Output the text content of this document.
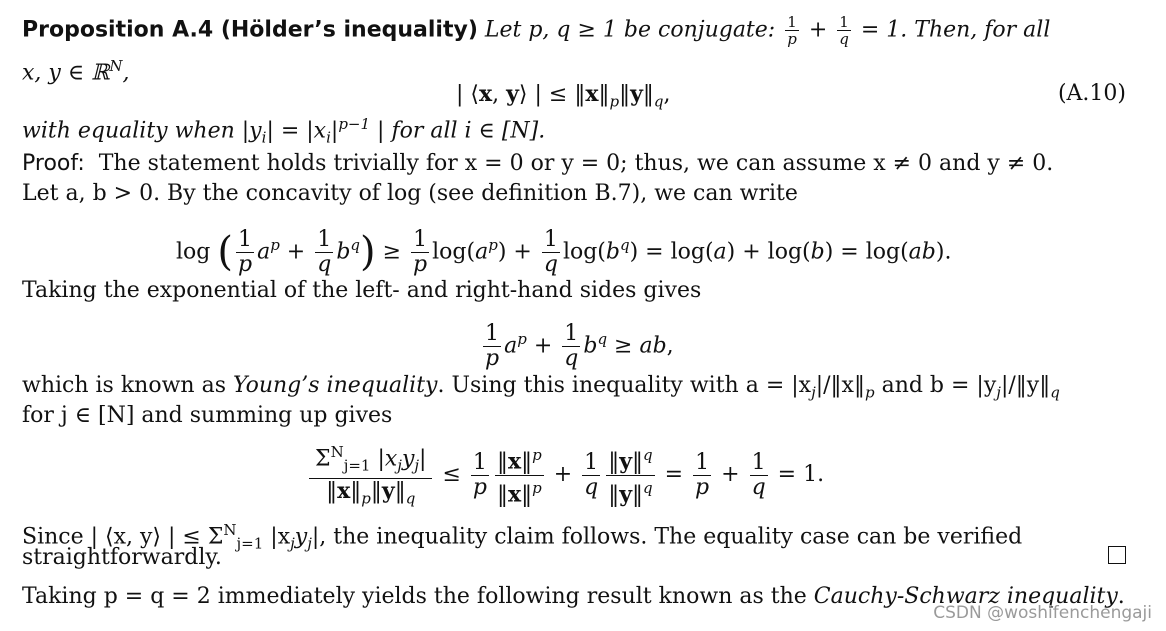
Proposition A.4 (Hölder’s inequality) Let p, q ≥ 1 be conjugate: $\frac{1}{p} + \frac{1}{q} = 1$. Then, for all
x, y ∈ ℝ$^N$,
| ⟨x, y⟩ | ≤ $‖x‖_p‖y‖_q$,	(A.10)
with equality when $|y_i| = |x_i|^{p-1}$ | for all i ∈ [N].
Proof: The statement holds trivially for x = 0 or y = 0; thus, we can assume x ≠ 0 and y ≠ 0.
Let a, b > 0. By the concavity of log (see definition B.7), we can write
log ( $\frac{1}{p} a^p + \frac{1}{q} b^q) \ge \frac{1}{p} \log(a^p) + \frac{1}{q} \log(b^q) = \log(a) + \log(b) = \log(ab)$.
Taking the exponential of the left- and right-hand sides gives
$\frac{1}{p} a^p + \frac{1}{q} b^q$ ≥ ab,
which is known as Young’s inequality. Using this inequality with $a = |x_j|/‖x‖_p$ and $b = |y_j|/‖y‖_q$
for j ∈ [N] and summing up gives
$\frac{\Sigma^N_{j=1} |x_jy_j|}{‖x‖_p‖y‖_q} \le \frac{1}{p} \frac{‖x‖^p}{‖x‖^p} + \frac{1}{q} \frac{‖y‖^q}{‖y‖^q} = \frac{1}{p} + \frac{1}{q} = 1$.
Since | ⟨x, y⟩ | ≤ $\Sigma^N_{j=1}$ $|x_jy_j|$, the inequality claim follows. The equality case can be verified
straightforwardly.
Taking p = q = 2 immediately yields the following result known as the Cauchy-Schwarz inequality.
CSDN @woshifenchengaji
